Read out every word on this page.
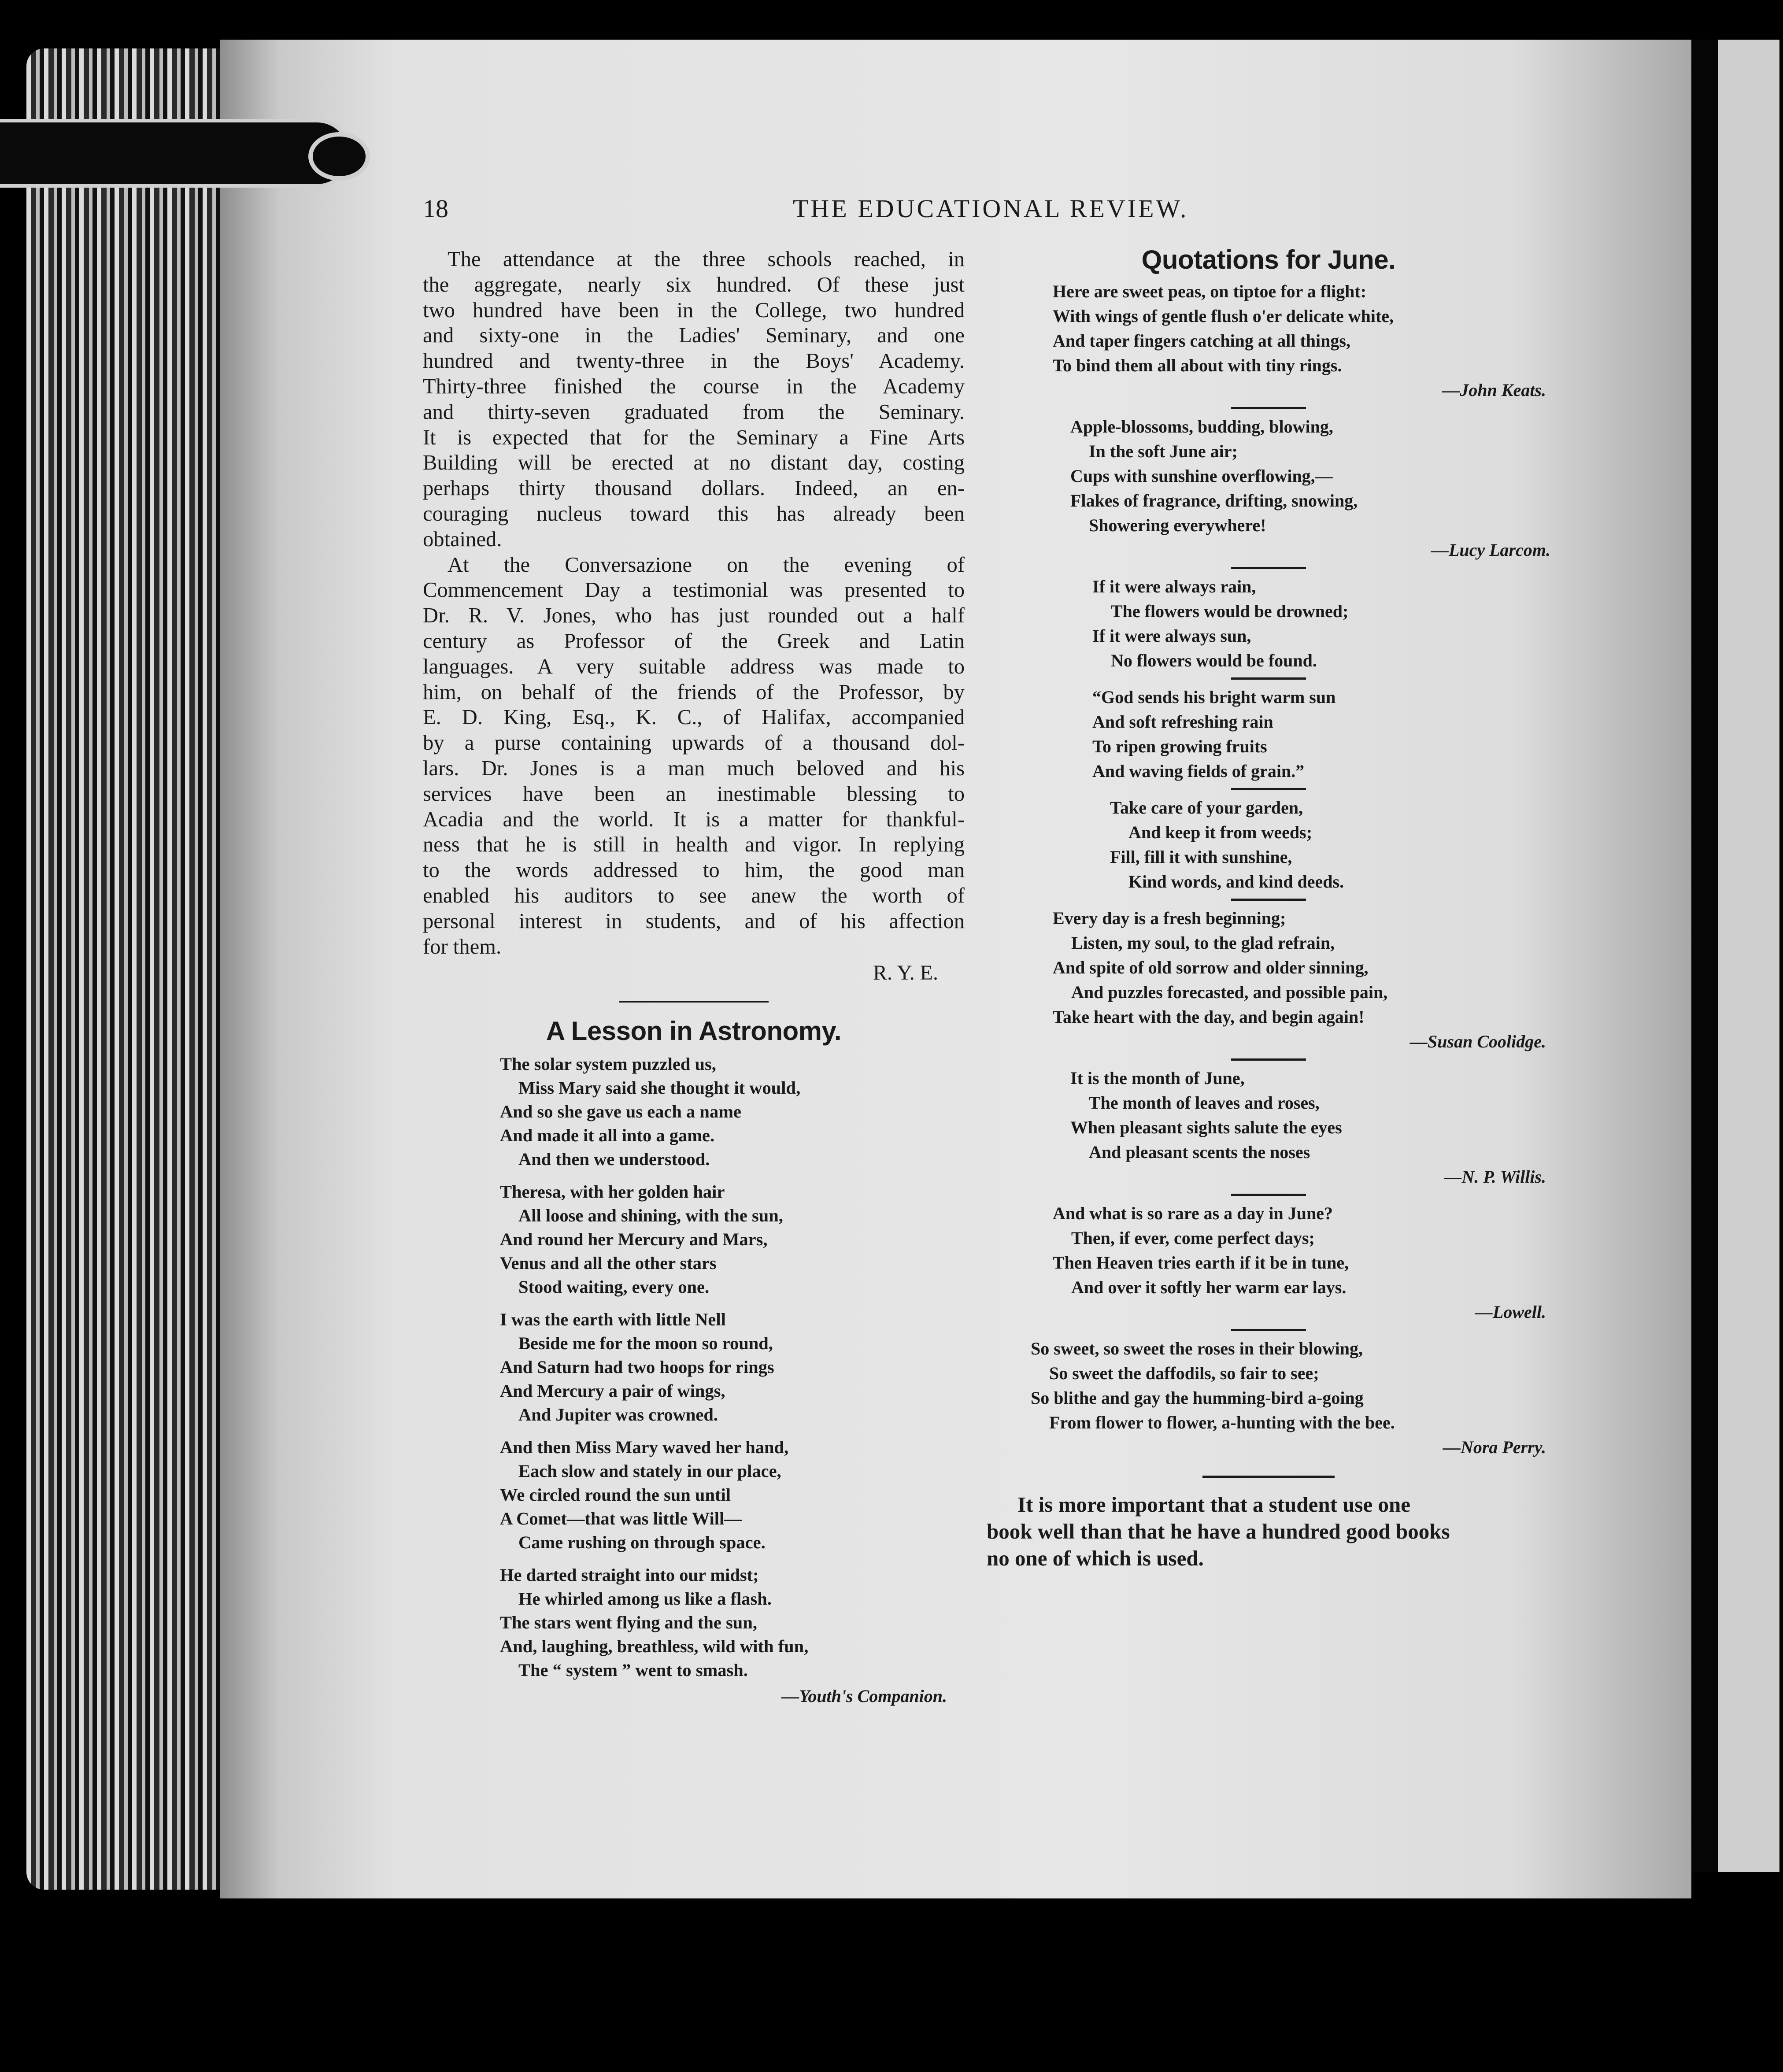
18	THE EDUCATIONAL REVIEW.
The attendance at the three schools reached, in
the aggregate, nearly six hundred. Of these just
two hundred have been in the College, two hundred
and sixty-one in the Ladies' Seminary, and one
hundred and twenty-three in the Boys' Academy.
Thirty-three finished the course in the Academy
and thirty-seven graduated from the Seminary.
It is expected that for the Seminary a Fine Arts
Building will be erected at no distant day, costing
perhaps thirty thousand dollars. Indeed, an en-
couraging nucleus toward this has already been
obtained.
At the Conversazione on the evening of
Commencement Day a testimonial was presented to
Dr. R. V. Jones, who has just rounded out a half
century as Professor of the Greek and Latin
languages. A very suitable address was made to
him, on behalf of the friends of the Professor, by
E. D. King, Esq., K. C., of Halifax, accompanied
by a purse containing upwards of a thousand dol-
lars. Dr. Jones is a man much beloved and his
services have been an inestimable blessing to
Acadia and the world. It is a matter for thankful-
ness that he is still in health and vigor. In replying
to the words addressed to him, the good man
enabled his auditors to see anew the worth of
personal interest in students, and of his affection
for them.
R. Y. E.
A Lesson in Astronomy.
The solar system puzzled us,
Miss Mary said she thought it would,
And so she gave us each a name
And made it all into a game.
And then we understood.
Theresa, with her golden hair
All loose and shining, with the sun,
And round her Mercury and Mars,
Venus and all the other stars
Stood waiting, every one.
I was the earth with little Nell
Beside me for the moon so round,
And Saturn had two hoops for rings
And Mercury a pair of wings,
And Jupiter was crowned.
And then Miss Mary waved her hand,
Each slow and stately in our place,
We circled round the sun until
A Comet—that was little Will—
Came rushing on through space.
He darted straight into our midst;
He whirled among us like a flash.
The stars went flying and the sun,
And, laughing, breathless, wild with fun,
The “ system ” went to smash.
—Youth's Companion.
Quotations for June.
Here are sweet peas, on tiptoe for a flight:
With wings of gentle flush o'er delicate white,
And taper fingers catching at all things,
To bind them all about with tiny rings.
—John Keats.
Apple-blossoms, budding, blowing,
In the soft June air;
Cups with sunshine overflowing,—
Flakes of fragrance, drifting, snowing,
Showering everywhere!
—Lucy Larcom.
If it were always rain,
The flowers would be drowned;
If it were always sun,
No flowers would be found.
“God sends his bright warm sun
And soft refreshing rain
To ripen growing fruits
And waving fields of grain.”
Take care of your garden,
And keep it from weeds;
Fill, fill it with sunshine,
Kind words, and kind deeds.
Every day is a fresh beginning;
Listen, my soul, to the glad refrain,
And spite of old sorrow and older sinning,
And puzzles forecasted, and possible pain,
Take heart with the day, and begin again!
—Susan Coolidge.
It is the month of June,
The month of leaves and roses,
When pleasant sights salute the eyes
And pleasant scents the noses
—N. P. Willis.
And what is so rare as a day in June?
Then, if ever, come perfect days;
Then Heaven tries earth if it be in tune,
And over it softly her warm ear lays.
—Lowell.
So sweet, so sweet the roses in their blowing,
So sweet the daffodils, so fair to see;
So blithe and gay the humming-bird a-going
From flower to flower, a-hunting with the bee.
—Nora Perry.
It is more important that a student use one
book well than that he have a hundred good books
no one of which is used.
